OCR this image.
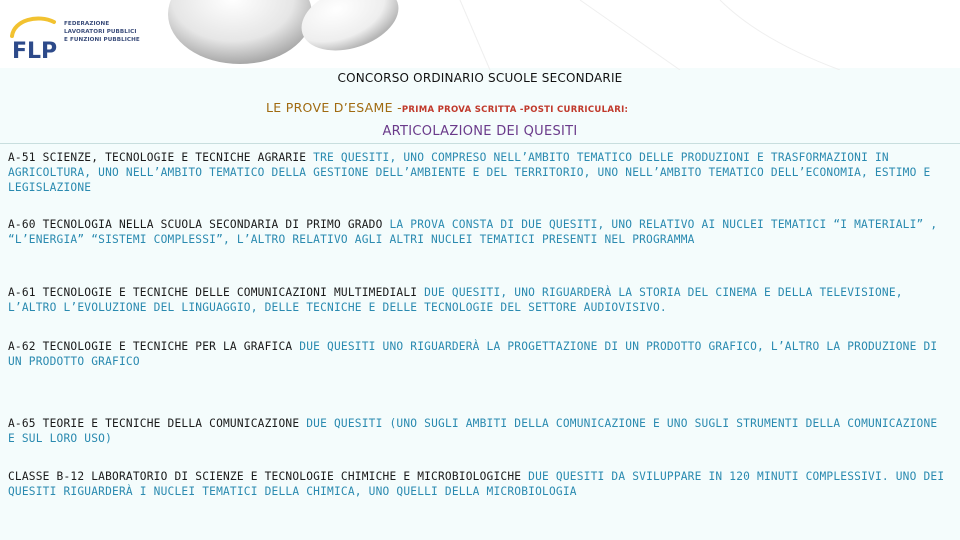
FLP
FEDERAZIONE
LAVORATORI PUBBLICI
E FUNZIONI PUBBLICHE
CONCORSO ORDINARIO SCUOLE SECONDARIE
LE PROVE D’ESAME -PRIMA PROVA SCRITTA -POSTI CURRICULARI:
ARTICOLAZIONE DEI QUESITI
A-51 SCIENZE, TECNOLOGIE E TECNICHE AGRARIE TRE QUESITI, UNO COMPRESO NELL’AMBITO TEMATICO DELLE PRODUZIONI E TRASFORMAZIONI IN AGRICOLTURA, UNO NELL’AMBITO TEMATICO DELLA GESTIONE DELL’AMBIENTE E DEL TERRITORIO, UNO NELL’AMBITO TEMATICO DELL’ECONOMIA, ESTIMO E LEGISLAZIONE
A-60 TECNOLOGIA NELLA SCUOLA SECONDARIA DI PRIMO GRADO LA PROVA CONSTA DI DUE QUESITI, UNO RELATIVO AI NUCLEI TEMATICI “I MATERIALI” , “L’ENERGIA” “SISTEMI COMPLESSI”, L’ALTRO RELATIVO AGLI ALTRI NUCLEI TEMATICI PRESENTI NEL PROGRAMMA
A-61 TECNOLOGIE E TECNICHE DELLE COMUNICAZIONI MULTIMEDIALI DUE QUESITI, UNO RIGUARDERÀ LA STORIA DEL CINEMA E DELLA TELEVISIONE, L’ALTRO L’EVOLUZIONE DEL LINGUAGGIO, DELLE TECNICHE E DELLE TECNOLOGIE DEL SETTORE AUDIOVISIVO.
A-62 TECNOLOGIE E TECNICHE PER LA GRAFICA DUE QUESITI UNO RIGUARDERÀ LA PROGETTAZIONE DI UN PRODOTTO GRAFICO, L’ALTRO LA PRODUZIONE DI UN PRODOTTO GRAFICO
A-65 TEORIE E TECNICHE DELLA COMUNICAZIONE DUE QUESITI (UNO SUGLI AMBITI DELLA COMUNICAZIONE E UNO SUGLI STRUMENTI DELLA COMUNICAZIONE E SUL LORO USO)
CLASSE B-12 LABORATORIO DI SCIENZE E TECNOLOGIE CHIMICHE E MICROBIOLOGICHE DUE QUESITI DA SVILUPPARE IN 120 MINUTI COMPLESSIVI. UNO DEI QUESITI RIGUARDERÀ I NUCLEI TEMATICI DELLA CHIMICA, UNO QUELLI DELLA MICROBIOLOGIA
